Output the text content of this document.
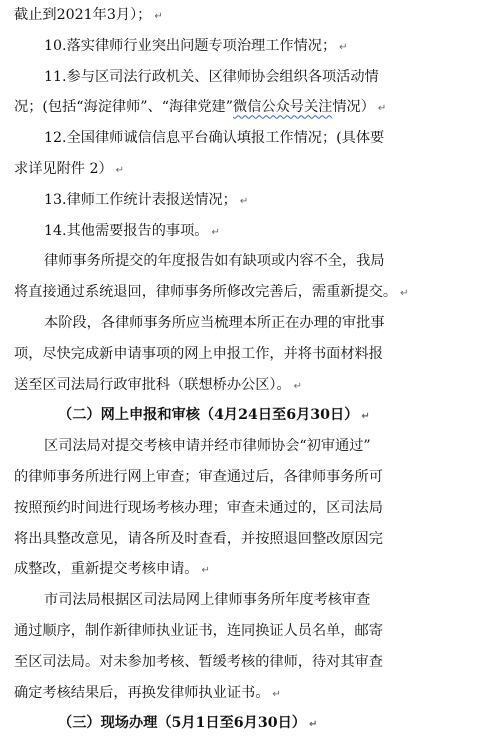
截止到2021年3月）； ↵
10.落实律师行业突出问题专项治理工作情况； ↵
11.参与区司法行政机关、区律师协会组织各项活动情
况；(包括“海淀律师”、“海律党建”微信公众号关注情况） ↵
12.全国律师诚信信息平台确认填报工作情况；(具体要
求详见附件 2） ↵
13.律师工作统计表报送情况； ↵
14.其他需要报告的事项。 ↵
律师事务所提交的年度报告如有缺项或内容不全，我局
将直接通过系统退回，律师事务所修改完善后，需重新提交。 ↵
本阶段，各律师事务所应当梳理本所正在办理的审批事
项，尽快完成新申请事项的网上申报工作，并将书面材料报
送至区司法局行政审批科（联想桥办公区）。 ↵
（二）网上申报和审核（4月24日至6月30日） ↵
区司法局对提交考核申请并经市律师协会“初审通过”
的律师事务所进行网上审查；审查通过后，各律师事务所可
按照预约时间进行现场考核办理；审查未通过的，区司法局
将出具整改意见，请各所及时查看，并按照退回整改原因完
成整改，重新提交考核申请。 ↵
市司法局根据区司法局网上律师事务所年度考核审查
通过顺序，制作新律师执业证书，连同换证人员名单，邮寄
至区司法局。对未参加考核、暂缓考核的律师，待对其审查
确定考核结果后，再换发律师执业证书。 ↵
（三）现场办理（5月1日至6月30日） ↵
